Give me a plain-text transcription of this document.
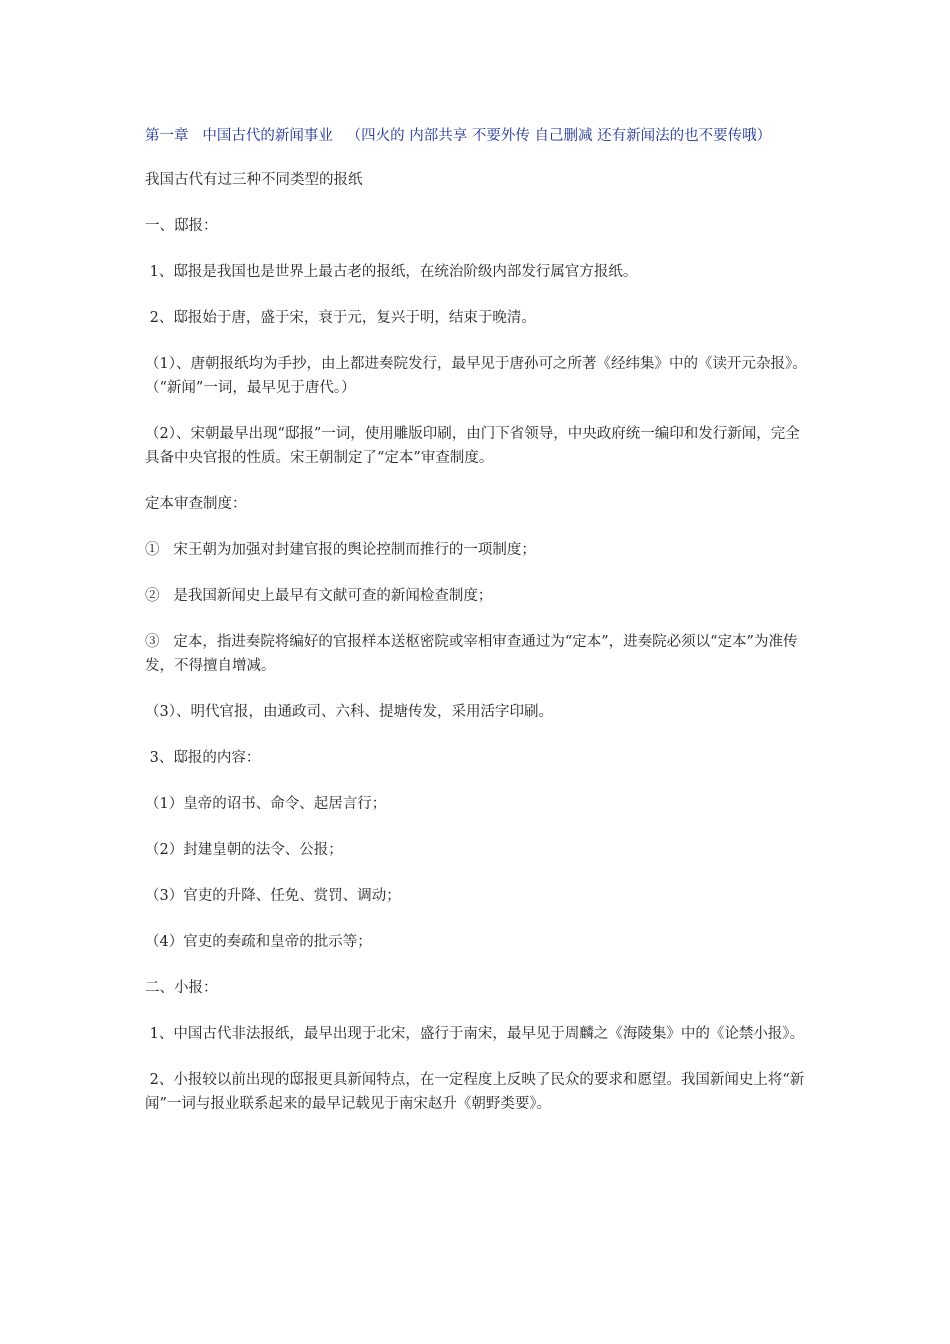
第一章   中国古代的新闻事业   （四火的 内部共享 不要外传 自己删减 还有新闻法的也不要传哦）

我国古代有过三种不同类型的报纸

一、邸报：

1、邸报是我国也是世界上最古老的报纸，在统治阶级内部发行属官方报纸。

2、邸报始于唐，盛于宋，衰于元，复兴于明，结束于晚清。

（1）、唐朝报纸均为手抄，由上都进奏院发行，最早见于唐孙可之所著《经纬集》中的《读开元杂报》。（“新闻”一词，最早见于唐代。）

（2）、宋朝最早出现“邸报”一词，使用雕版印刷，由门下省领导，中央政府统一编印和发行新闻，完全具备中央官报的性质。宋王朝制定了“定本”审查制度。

定本审查制度：

①   宋王朝为加强对封建官报的舆论控制而推行的一项制度；

②   是我国新闻史上最早有文献可查的新闻检查制度；

③   定本，指进奏院将编好的官报样本送枢密院或宰相审查通过为“定本”，进奏院必须以“定本”为准传发，不得擅自增减。

（3）、明代官报，由通政司、六科、提塘传发，采用活字印刷。

3、邸报的内容：

（1）皇帝的诏书、命令、起居言行；

（2）封建皇朝的法令、公报；

（3）官吏的升降、任免、赏罚、调动；

（4）官吏的奏疏和皇帝的批示等；

二、小报：

1、中国古代非法报纸，最早出现于北宋，盛行于南宋，最早见于周麟之《海陵集》中的《论禁小报》。

2、小报较以前出现的邸报更具新闻特点，在一定程度上反映了民众的要求和愿望。我国新闻史上将“新闻”一词与报业联系起来的最早记载见于南宋赵升《朝野类要》。
